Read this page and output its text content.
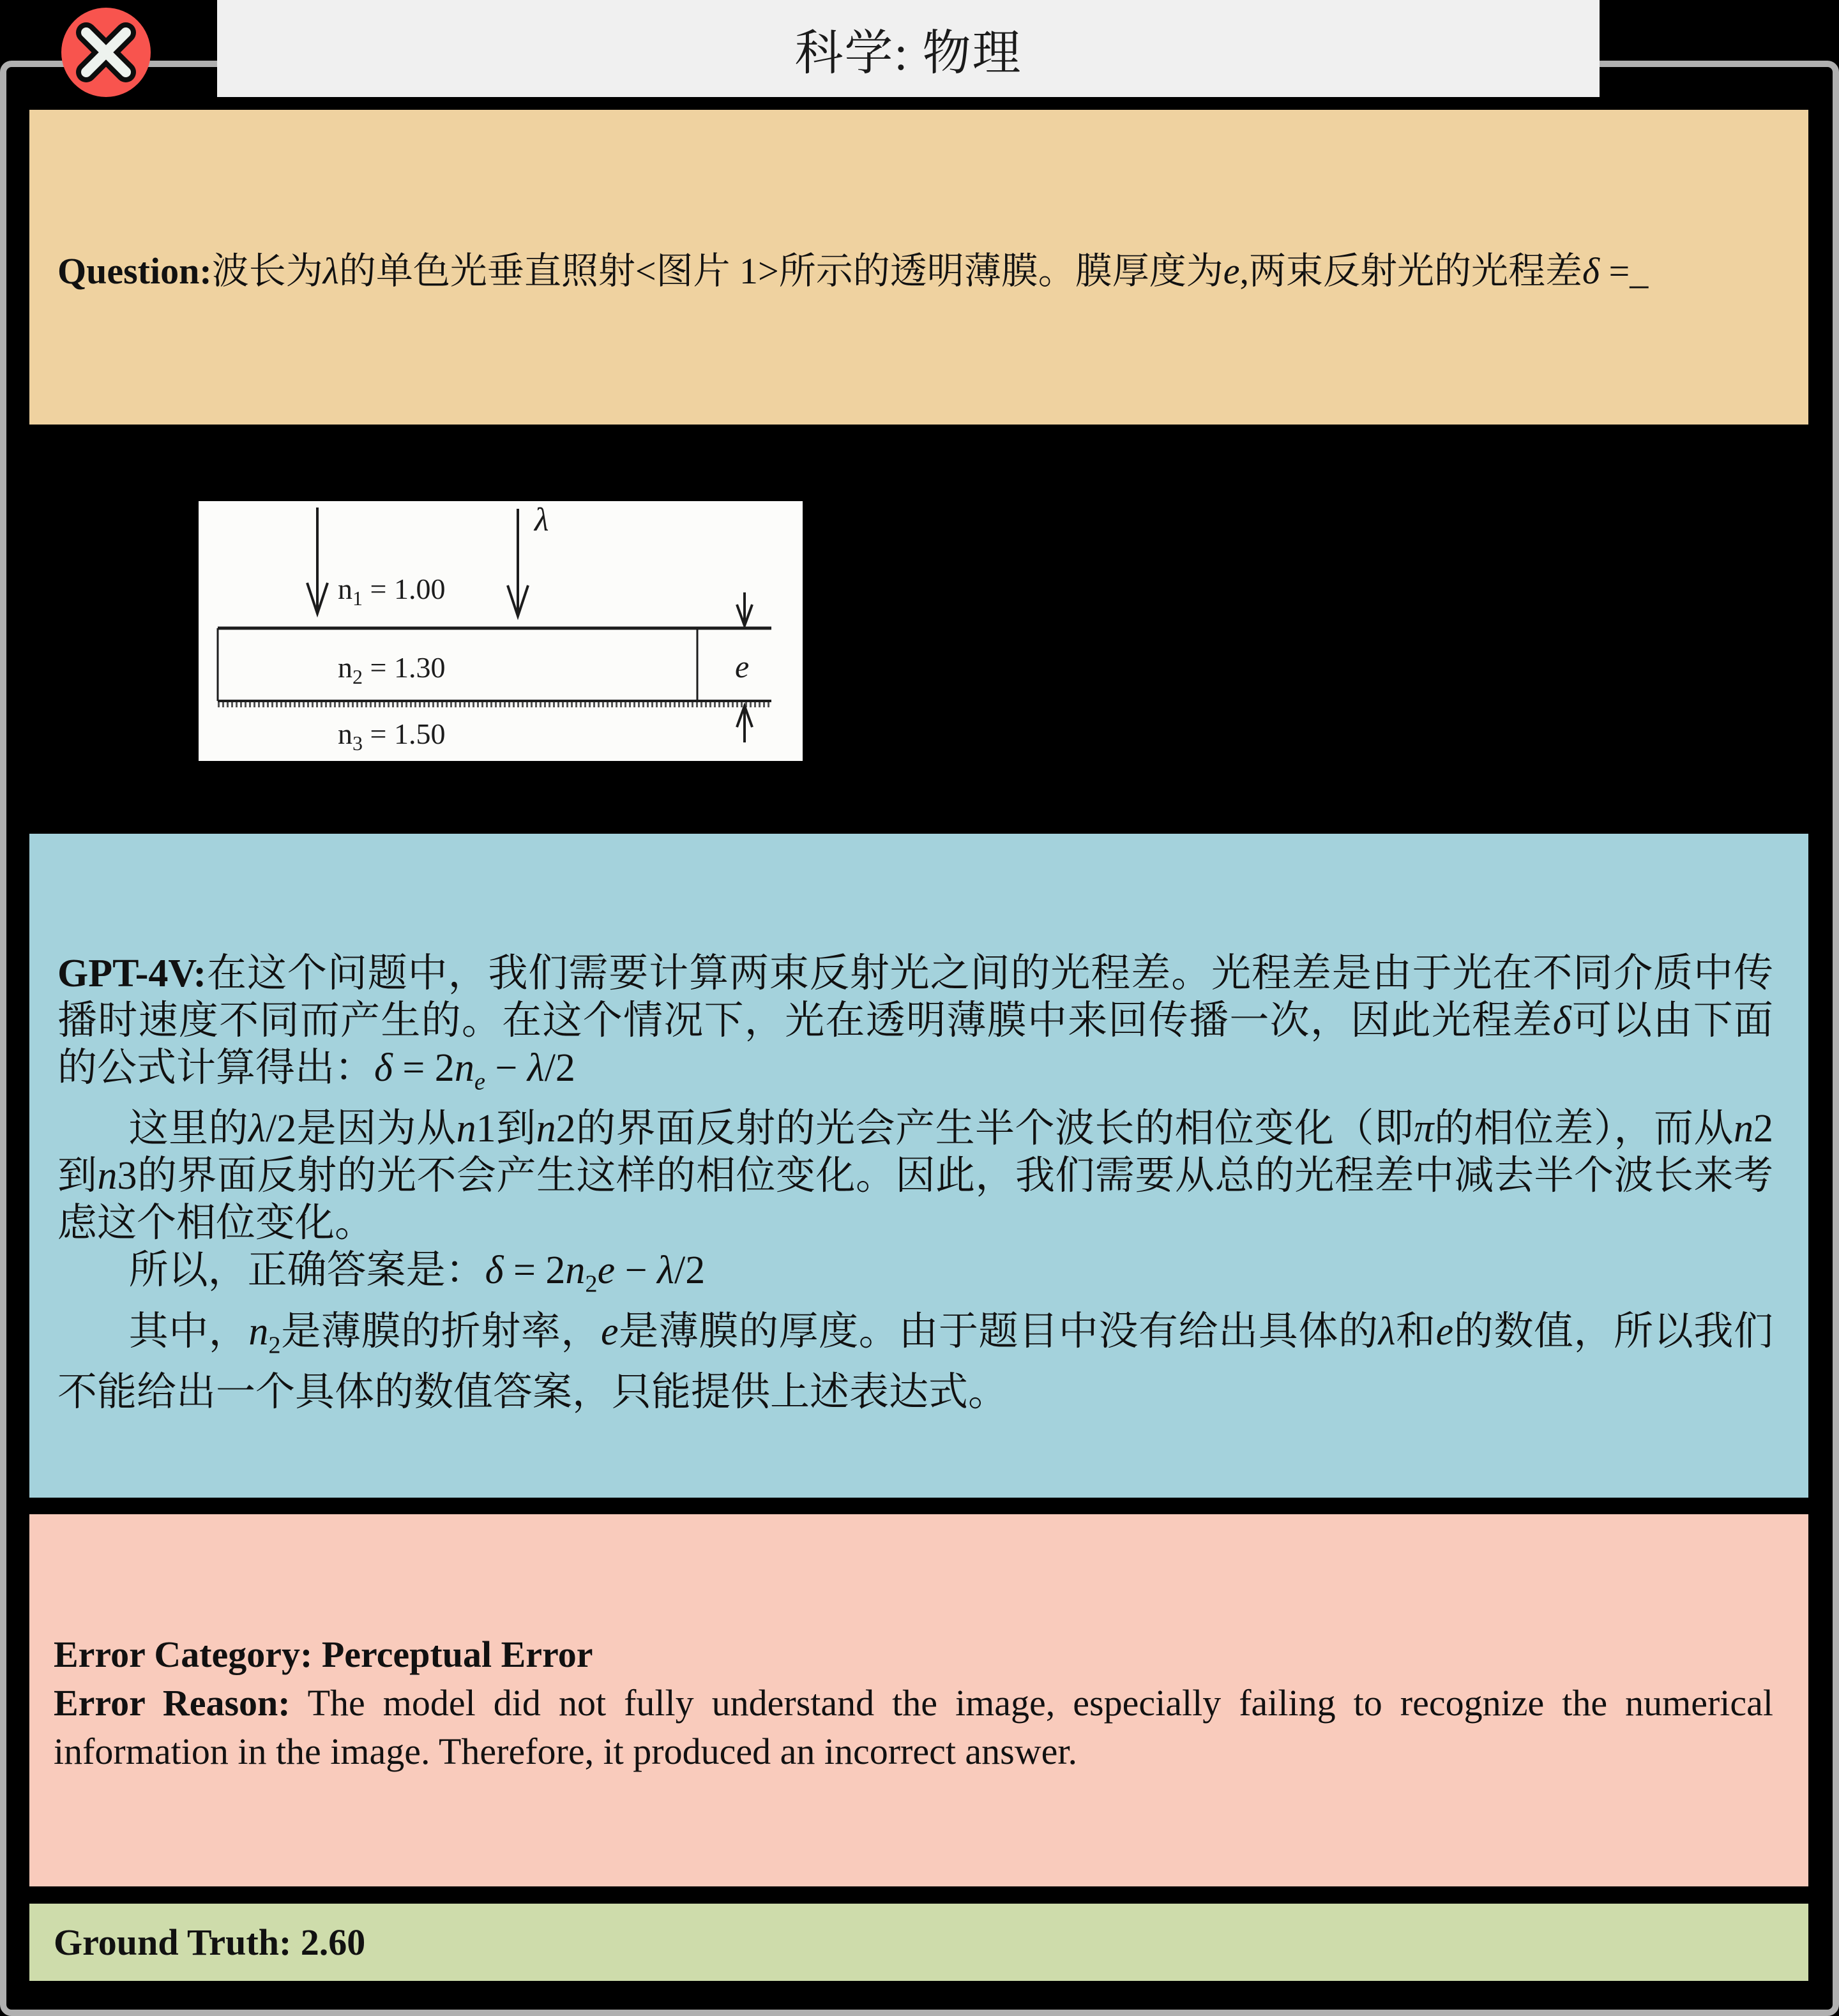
科学: 物理
Question:波长为λ的单色光垂直照射<图片 1>所示的透明薄膜。膜厚度为e,两束反射光的光程差δ =_
λ
$n_1 = 1.00$
$n_2 = 1.30$
$n_3 = 1.50$
e

GPT-4V:在这个问题中，我们需要计算两束反射光之间的光程差。光程差是由于光在不同介质中传播时速度不同而产生的。在这个情况下，光在透明薄膜中来回传播一次，因此光程差δ可以由下面的公式计算得出：$\delta = 2n_e - \lambda/2$

这里的λ/2是因为从n1到n2的界面反射的光会产生半个波长的相位变化（即π的相位差），而从n2到n3的界面反射的光不会产生这样的相位变化。因此，我们需要从总的光程差中减去半个波长来考虑这个相位变化。

所以，正确答案是：$\delta = 2n_2e - \lambda/2$

其中，$n_2$是薄膜的折射率，e是薄膜的厚度。由于题目中没有给出具体的λ和e的数值，所以我们不能给出一个具体的数值答案，只能提供上述表达式。

Error Category: Perceptual Error

Error Reason: The model did not fully understand the image, especially failing to recognize the numerical information in the image. Therefore, it produced an incorrect answer.

Ground Truth: 2.60
